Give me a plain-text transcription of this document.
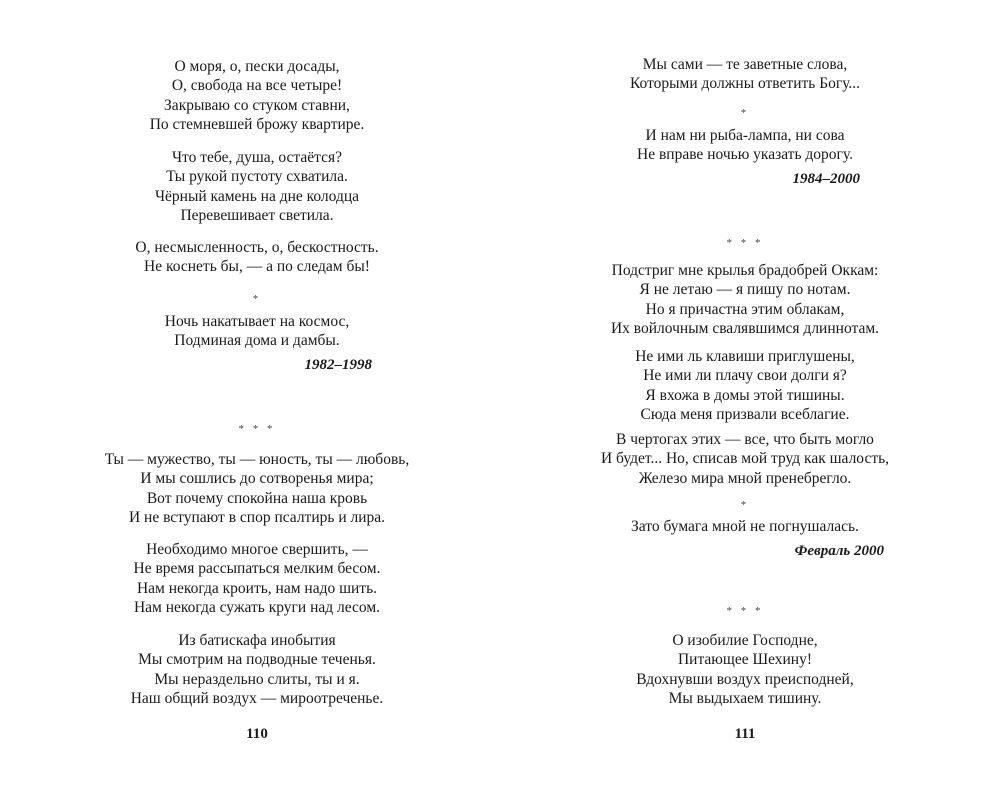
О моря, о, пески досады,
О, свобода на все четыре!
Закрываю со стуком ставни,
По стемневшей брожу квартире.
Что тебе, душа, остаётся?
Ты рукой пустоту схватила.
Чёрный камень на дне колодца
Перевешивает светила.
О, несмысленность, о, бескостность.
Не коснеть бы, — а по следам бы!
*
Ночь накатывает на космос,
Подминая дома и дамбы.
1982–1998
* * *
Ты — мужество, ты — юность, ты — любовь,
И мы сошлись до сотворенья мира;
Вот почему спокойна наша кровь
И не вступают в спор псалтирь и лира.
Необходимо многое свершить, —
Не время рассыпаться мелким бесом.
Нам некогда кроить, нам надо шить.
Нам некогда сужать круги над лесом.
Из батискафа инобытия
Мы смотрим на подводные теченья.
Мы нераздельно слиты, ты и я.
Наш общий воздух — мироотреченье.
110
Мы сами — те заветные слова,
Которыми должны ответить Богу...
*
И нам ни рыба-лампа, ни сова
Не вправе ночью указать дорогу.
1984–2000
* * *
Подстриг мне крылья брадобрей Оккам:
Я не летаю — я пишу по нотам.
Но я причастна этим облакам,
Их войлочным свалявшимся длиннотам.
Не ими ль клавиши приглушены,
Не ими ли плачу свои долги я?
Я вхожа в домы этой тишины.
Сюда меня призвали всеблагие.
В чертогах этих — все, что быть могло
И будет... Но, списав мой труд как шалость,
Железо мира мной пренебрегло.
*
Зато бумага мной не погнушалась.
Февраль 2000
* * *
О изобилие Господне,
Питающее Шехину!
Вдохнувши воздух преисподней,
Мы выдыхаем тишину.
111
